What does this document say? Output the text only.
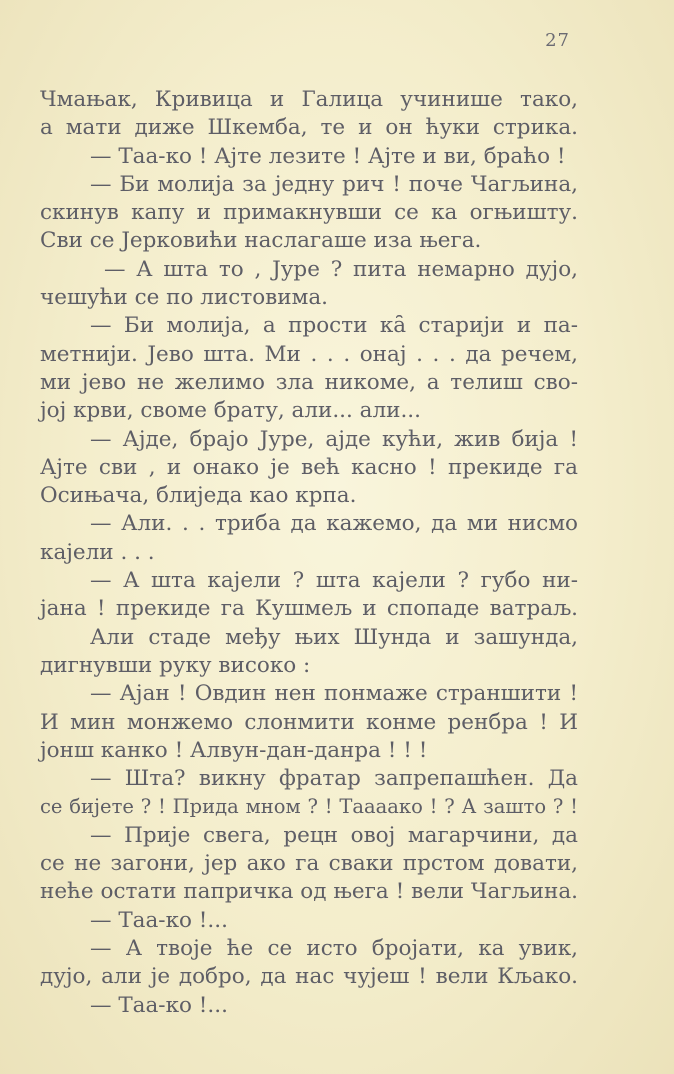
27
Чмањак, Кривица и Галица учинише тако,
а мати диже Шкемба, те и он ћуки стрика.
— Таа-ко ! Ајте лезите ! Ајте и ви, браћо !
— Би молија за једну рич ! поче Чагљина,
скинув капу и примакнувши се ка огњишту.
Сви се Јерковићи наслагаше иза њега.
— А шта то , Јуре ? пита немарно дујо,
чешући се по листовима.
— Би молија, а прости ка̑ старији и па-
метнији. Јево шта. Ми . . . онај . . . да речем,
ми јево не желимо зла никоме, а телиш сво-
јој крви, своме брату, али... али...
— Ајде, брајо Јуре, ајде кући, жив бија !
Ајте сви , и онако је већ касно ! прекиде га
Осињача, блиједа као крпа.
— Али. . . триба да кажемо, да ми нисмо
кајели . . .
— А шта кајели ? шта кајели ? губо ни-
јана ! прекиде га Кушмељ и спопаде ватраљ.
Али стаде међу њих Шунда и зашунда,
дигнувши руку високо :
— Ајан ! Овдин нен понмаже страншити !
И мин монжемо слонмити конме ренбра ! И
јонш канко ! Алвун-дан-данра ! ! !
— Шта? викну фратар запрепашћен. Да
се бијете ? ! Прида мном ? ! Таааако ! ? А зашто ? !
— Прије свега, рецн овој магарчини, да
се не загони, јер ако га сваки прстом довати,
неће остати папричка од њега ! вели Чагљина.
— Таа-ко !...
— А твоје ће се исто бројати, ка увик,
дујо, али је добро, да нас чујеш ! вели Кљако.
— Таа-ко !...
